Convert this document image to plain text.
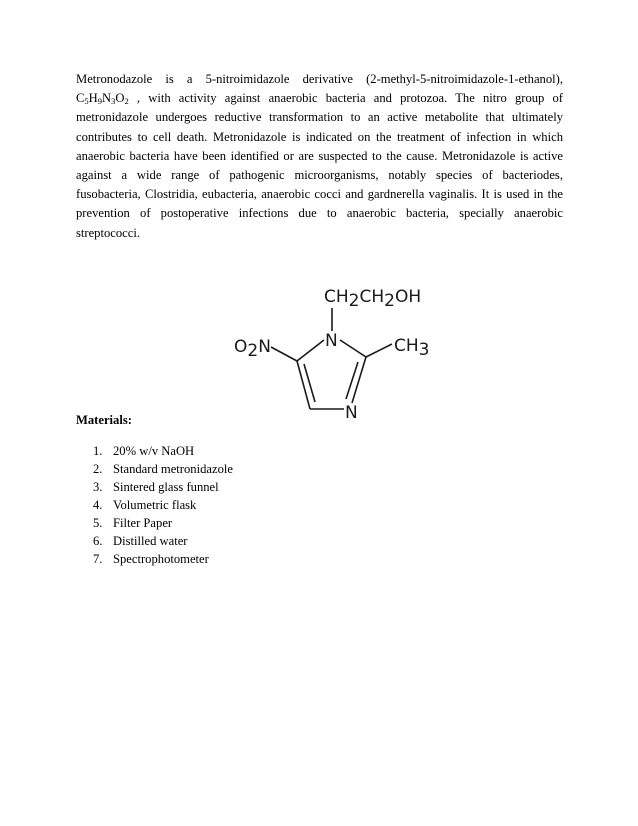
Metronodazole is a 5-nitroimidazole derivative (2-methyl-5-nitroimidazole-1-ethanol), $C_5H_9N_3O_2$ , with activity against anaerobic bacteria and protozoa. The nitro group of metronidazole undergoes reductive transformation to an active metabolite that ultimately contributes to cell death. Metronidazole is indicated on the treatment of infection in which anaerobic bacteria have been identified or are suspected to the cause. Metronidazole is active against a wide range of pathogenic microorganisms, notably species of bacteriodes, fusobacteria, Clostridia, eubacteria, anaerobic cocci and gardnerella vaginalis. It is used in the prevention of postoperative infections due to anaerobic bacteria, specially anaerobic streptococci.

CH2CH2OH
N
N
O2N	CH3

Materials:

1. 20% w/v NaOH
2. Standard metronidazole
3. Sintered glass funnel
4. Volumetric flask
5. Filter Paper
6. Distilled water
7. Spectrophotometer
